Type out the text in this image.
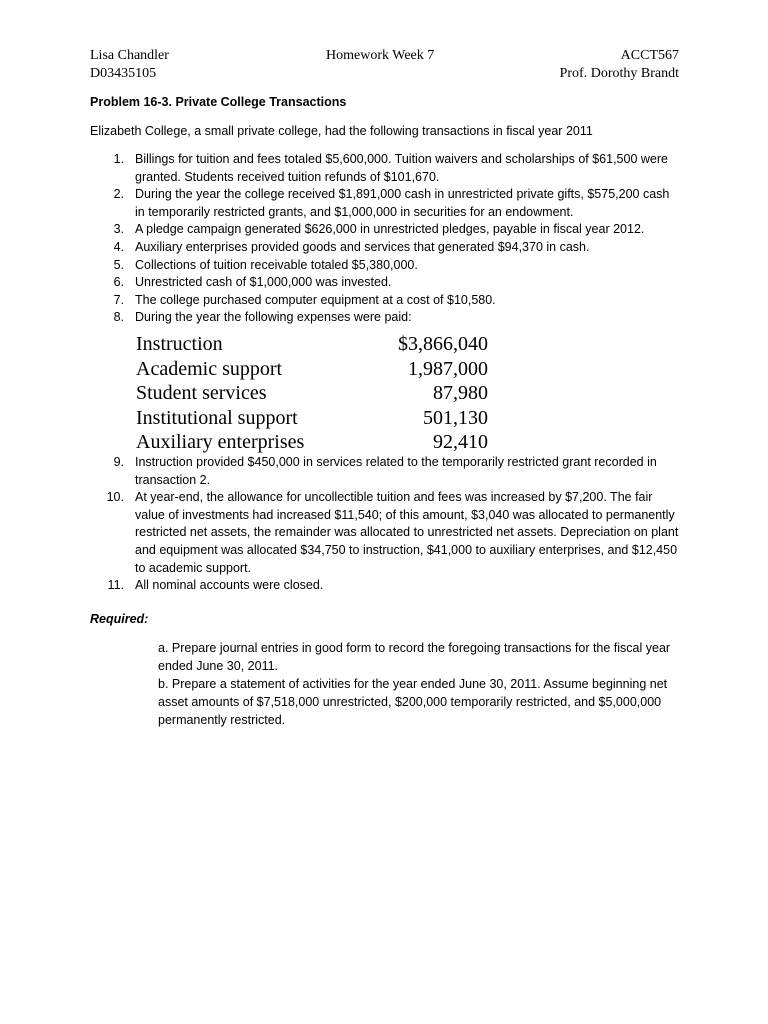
Lisa Chandler	Homework Week 7	ACCT567
D03435105	Prof. Dorothy Brandt
Problem 16-3. Private College Transactions
Elizabeth College, a small private college, had the following transactions in fiscal year 2011
1. Billings for tuition and fees totaled $5,600,000. Tuition waivers and scholarships of $61,500 were granted. Students received tuition refunds of $101,670.
2. During the year the college received $1,891,000 cash in unrestricted private gifts, $575,200 cash in temporarily restricted grants, and $1,000,000 in securities for an endowment.
3. A pledge campaign generated $626,000 in unrestricted pledges, payable in fiscal year 2012.
4. Auxiliary enterprises provided goods and services that generated $94,370 in cash.
5. Collections of tuition receivable totaled $5,380,000.
6. Unrestricted cash of $1,000,000 was invested.
7. The college purchased computer equipment at a cost of $10,580.
8. During the year the following expenses were paid:
Instruction	$3,866,040
Academic support	1,987,000
Student services	87,980
Institutional support	501,130
Auxiliary enterprises	92,410
9. Instruction provided $450,000 in services related to the temporarily restricted grant recorded in transaction 2.
10. At year-end, the allowance for uncollectible tuition and fees was increased by $7,200. The fair value of investments had increased $11,540; of this amount, $3,040 was allocated to permanently restricted net assets, the remainder was allocated to unrestricted net assets. Depreciation on plant and equipment was allocated $34,750 to instruction, $41,000 to auxiliary enterprises, and $12,450 to academic support.
11. All nominal accounts were closed.
Required:
a. Prepare journal entries in good form to record the foregoing transactions for the fiscal year ended June 30, 2011.
b. Prepare a statement of activities for the year ended June 30, 2011. Assume beginning net asset amounts of $7,518,000 unrestricted, $200,000 temporarily restricted, and $5,000,000 permanently restricted.
